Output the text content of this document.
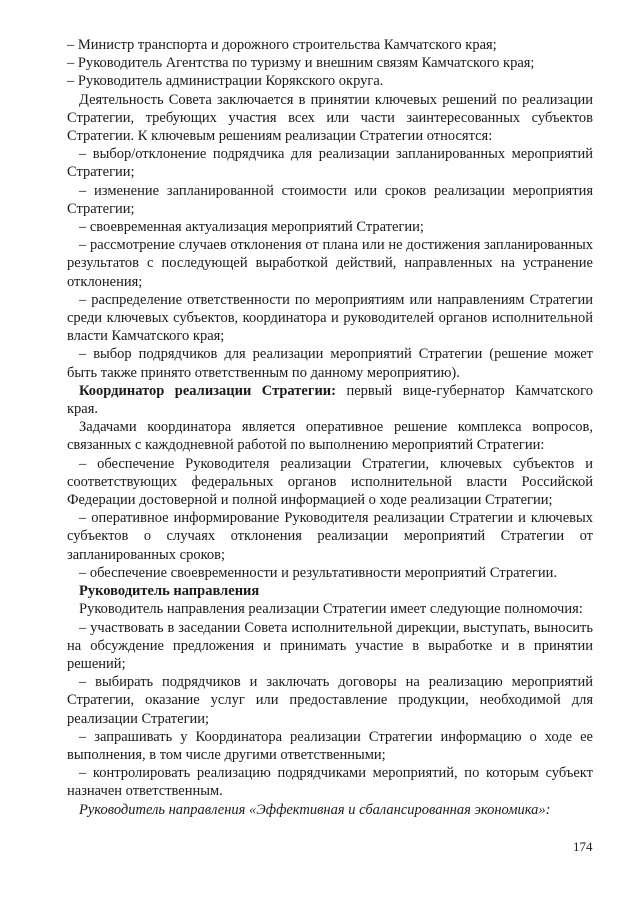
– Министр транспорта и дорожного строительства Камчатского края;
– Руководитель Агентства по туризму и внешним связям Камчатского края;
– Руководитель администрации Корякского округа.

Деятельность Совета заключается в принятии ключевых решений по реализации Стратегии, требующих участия всех или части заинтересованных субъектов Стратегии. К ключевым решениям реализации Стратегии относятся:

– выбор/отклонение подрядчика для реализации запланированных мероприятий Стратегии;

– изменение запланированной стоимости или сроков реализации мероприятия Стратегии;

– своевременная актуализация мероприятий Стратегии;

– рассмотрение случаев отклонения от плана или не достижения запланированных результатов с последующей выработкой действий, направленных на устранение отклонения;

– распределение ответственности по мероприятиям или направлениям Стратегии среди ключевых субъектов, координатора и руководителей органов исполнительной власти Камчатского края;

– выбор подрядчиков для реализации мероприятий Стратегии (решение может быть также принято ответственным по данному мероприятию).

Координатор реализации Стратегии: первый вице-губернатор Камчатского края.

Задачами координатора является оперативное решение комплекса вопросов, связанных с каждодневной работой по выполнению мероприятий Стратегии:

– обеспечение Руководителя реализации Стратегии, ключевых субъектов и соответствующих федеральных органов исполнительной власти Российской Федерации достоверной и полной информацией о ходе реализации Стратегии;

– оперативное информирование Руководителя реализации Стратегии и ключевых субъектов о случаях отклонения реализации мероприятий Стратегии от запланированных сроков;

– обеспечение своевременности и результативности мероприятий Стратегии.

Руководитель направления

Руководитель направления реализации Стратегии имеет следующие полномочия:

– участвовать в заседании Совета исполнительной дирекции, выступать, выносить на обсуждение предложения и принимать участие в выработке и в принятии решений;

– выбирать подрядчиков и заключать договоры на реализацию мероприятий Стратегии, оказание услуг или предоставление продукции, необходимой для реализации Стратегии;

– запрашивать у Координатора реализации Стратегии информацию о ходе ее выполнения, в том числе другими ответственными;

– контролировать реализацию подрядчиками мероприятий, по которым субъект назначен ответственным.

Руководитель направления «Эффективная и сбалансированная экономика»:

174
